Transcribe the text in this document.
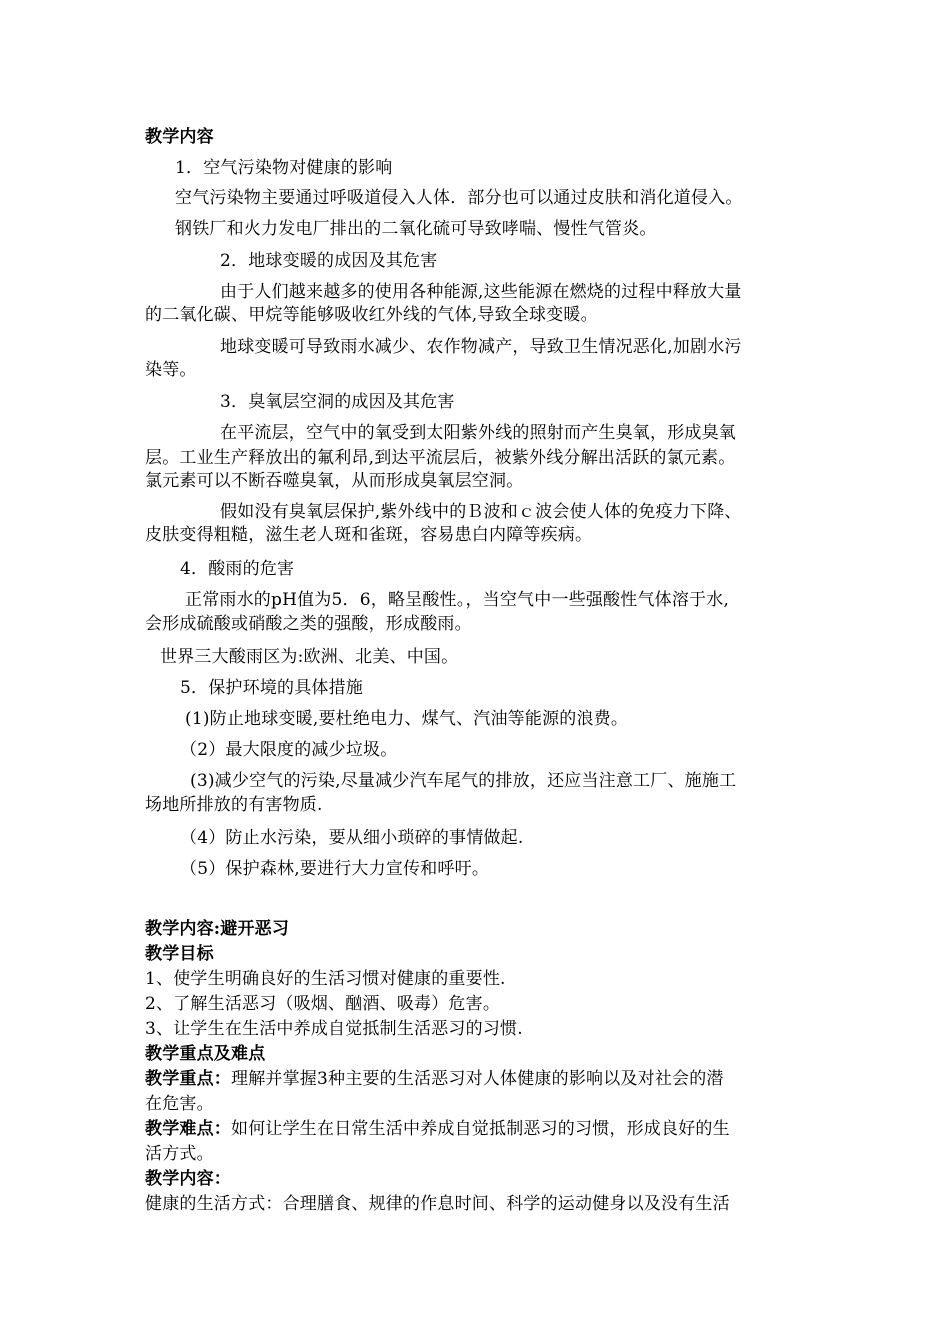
教学内容
1．空气污染物对健康的影响
空气污染物主要通过呼吸道侵入人体．部分也可以通过皮肤和消化道侵入。
钢铁厂和火力发电厂排出的二氧化硫可导致哮喘、慢性气管炎。
2．地球变暖的成因及其危害
由于人们越来越多的使用各种能源,这些能源在燃烧的过程中释放大量
的二氧化碳、甲烷等能够吸收红外线的气体,导致全球变暖。
地球变暖可导致雨水减少、农作物减产，导致卫生情况恶化,加剧水污
染等。
3．臭氧层空洞的成因及其危害
在平流层，空气中的氧受到太阳紫外线的照射而产生臭氧，形成臭氧
层。工业生产释放出的氟利昂,到达平流层后，被紫外线分解出活跃的氯元素。
氯元素可以不断吞噬臭氧，从而形成臭氧层空洞。
假如没有臭氧层保护,紫外线中的Ｂ波和ｃ波会使人体的免疫力下降、
皮肤变得粗糙，滋生老人斑和雀斑，容易患白内障等疾病。
4．酸雨的危害
正常雨水的pH值为5．6，略呈酸性。，当空气中一些强酸性气体溶于水,
会形成硫酸或硝酸之类的强酸，形成酸雨。
世界三大酸雨区为:欧洲、北美、中国。
5．保护环境的具体措施
(1)防止地球变暖,要杜绝电力、煤气、汽油等能源的浪费。
（2）最大限度的减少垃圾。
(3)减少空气的污染,尽量减少汽车尾气的排放，还应当注意工厂、施施工
场地所排放的有害物质.
（4）防止水污染，要从细小琐碎的事情做起.
（5）保护森林,要进行大力宣传和呼吁。
教学内容:避开恶习
教学目标
1、使学生明确良好的生活习惯对健康的重要性.
2、了解生活恶习（吸烟、酗酒、吸毒）危害。
3、让学生在生活中养成自觉抵制生活恶习的习惯.
教学重点及难点
教学重点：理解并掌握3种主要的生活恶习对人体健康的影响以及对社会的潜
在危害。
教学难点：如何让学生在日常生活中养成自觉抵制恶习的习惯，形成良好的生
活方式。
教学内容：
健康的生活方式：合理膳食、规律的作息时间、科学的运动健身以及没有生活
